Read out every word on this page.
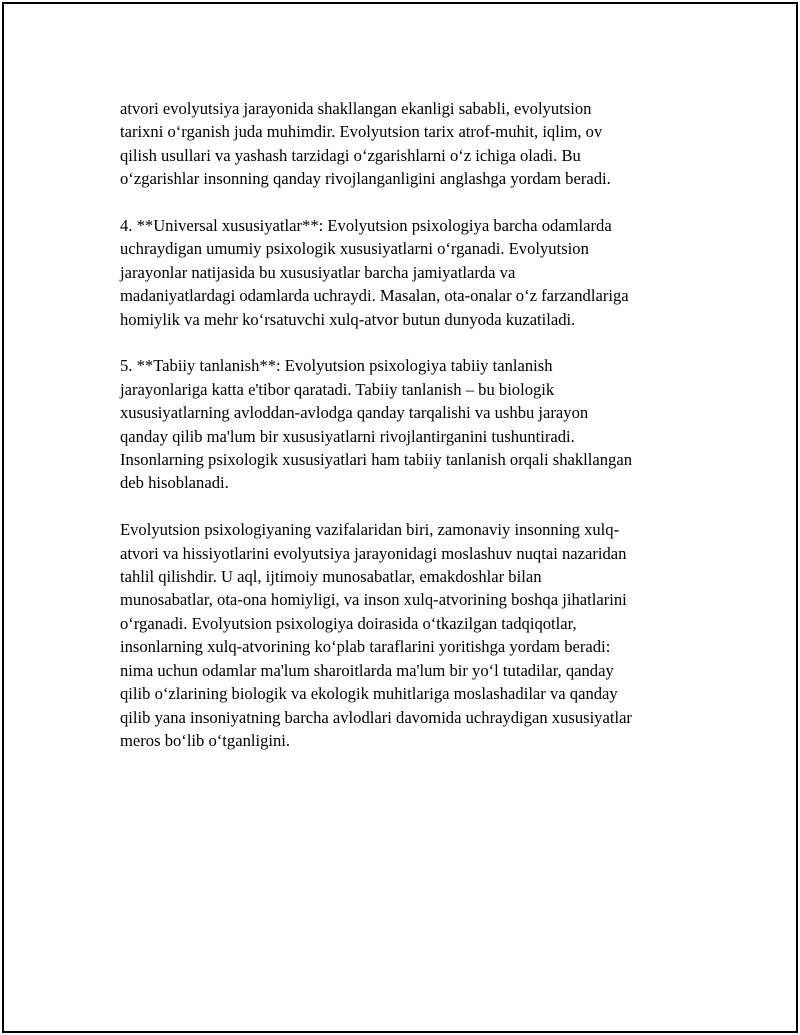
atvori evolyutsiya jarayonida shakllangan ekanligi sababli, evolyutsion
tarixni o‘rganish juda muhimdir. Evolyutsion tarix atrof-muhit, iqlim, ov
qilish usullari va yashash tarzidagi o‘zgarishlarni o‘z ichiga oladi. Bu
o‘zgarishlar insonning qanday rivojlanganligini anglashga yordam beradi.

4. **Universal xususiyatlar**: Evolyutsion psixologiya barcha odamlarda
uchraydigan umumiy psixologik xususiyatlarni o‘rganadi. Evolyutsion
jarayonlar natijasida bu xususiyatlar barcha jamiyatlarda va
madaniyatlardagi odamlarda uchraydi. Masalan, ota-onalar o‘z farzandlariga
homiylik va mehr ko‘rsatuvchi xulq-atvor butun dunyoda kuzatiladi.

5. **Tabiiy tanlanish**: Evolyutsion psixologiya tabiiy tanlanish
jarayonlariga katta e'tibor qaratadi. Tabiiy tanlanish – bu biologik
xususiyatlarning avloddan-avlodga qanday tarqalishi va ushbu jarayon
qanday qilib ma'lum bir xususiyatlarni rivojlantirganini tushuntiradi.
Insonlarning psixologik xususiyatlari ham tabiiy tanlanish orqali shakllangan
deb hisoblanadi.

Evolyutsion psixologiyaning vazifalaridan biri, zamonaviy insonning xulq-
atvori va hissiyotlarini evolyutsiya jarayonidagi moslashuv nuqtai nazaridan
tahlil qilishdir. U aql, ijtimoiy munosabatlar, emakdoshlar bilan
munosabatlar, ota-ona homiyligi, va inson xulq-atvorining boshqa jihatlarini
o‘rganadi. Evolyutsion psixologiya doirasida o‘tkazilgan tadqiqotlar,
insonlarning xulq-atvorining ko‘plab taraflarini yoritishga yordam beradi:
nima uchun odamlar ma'lum sharoitlarda ma'lum bir yo‘l tutadilar, qanday
qilib o‘zlarining biologik va ekologik muhitlariga moslashadilar va qanday
qilib yana insoniyatning barcha avlodlari davomida uchraydigan xususiyatlar
meros bo‘lib o‘tganligini.
